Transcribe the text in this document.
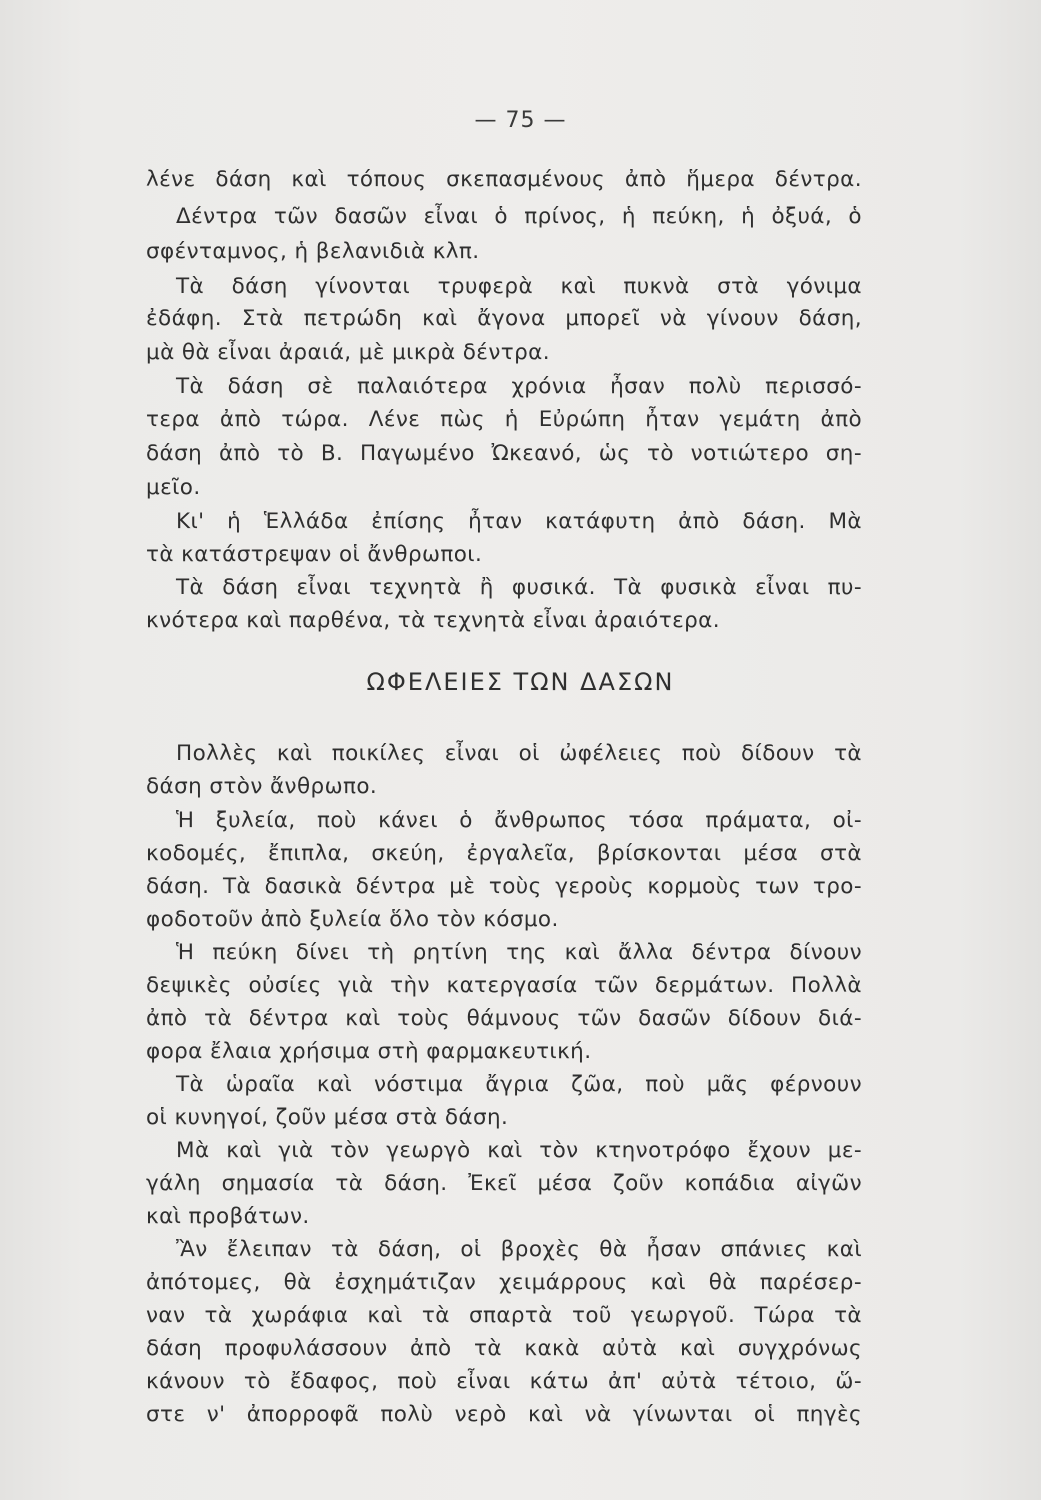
— 75 —
λένε δάση καὶ τόπους σκεπασμένους ἀπὸ ἥμερα δέντρα.
Δέντρα τῶν δασῶν εἶναι ὁ πρίνος, ἡ πεύκη, ἡ ὀξυά, ὁ
σφένταμνος, ἡ βελανιδιὰ κλπ.
Τὰ δάση γίνονται τρυφερὰ καὶ πυκνὰ στὰ γόνιμα
ἐδάφη. Στὰ πετρώδη καὶ ἄγονα μπορεῖ νὰ γίνουν δάση,
μὰ θὰ εἶναι ἀραιά, μὲ μικρὰ δέντρα.
Τὰ δάση σὲ παλαιότερα χρόνια ἦσαν πολὺ περισσό-
τερα ἀπὸ τώρα. Λένε πὼς ἡ Εὐρώπη ἦταν γεμάτη ἀπὸ
δάση ἀπὸ τὸ Β. Παγωμένο Ὠκεανό, ὡς τὸ νοτιώτερο ση-
μεῖο.
Κι' ἡ Ἑλλάδα ἐπίσης ἦταν κατάφυτη ἀπὸ δάση. Μὰ
τὰ κατάστρεψαν οἱ ἄνθρωποι.
Τὰ δάση εἶναι τεχνητὰ ἢ φυσικά. Τὰ φυσικὰ εἶναι πυ-
κνότερα καὶ παρθένα, τὰ τεχνητὰ εἶναι ἀραιότερα.
ΩΦΕΛΕΙΕΣ ΤΩΝ ΔΑΣΩΝ
Πολλὲς καὶ ποικίλες εἶναι οἱ ὠφέλειες ποὺ δίδουν τὰ
δάση στὸν ἄνθρωπο.
Ἡ ξυλεία, ποὺ κάνει ὁ ἄνθρωπος τόσα πράματα, οἰ-
κοδομές, ἔπιπλα, σκεύη, ἐργαλεῖα, βρίσκονται μέσα στὰ
δάση. Τὰ δασικὰ δέντρα μὲ τοὺς γεροὺς κορμοὺς των τρο-
φοδοτοῦν ἀπὸ ξυλεία ὅλο τὸν κόσμο.
Ἡ πεύκη δίνει τὴ ρητίνη της καὶ ἄλλα δέντρα δίνουν
δεψικὲς οὐσίες γιὰ τὴν κατεργασία τῶν δερμάτων. Πολλὰ
ἀπὸ τὰ δέντρα καὶ τοὺς θάμνους τῶν δασῶν δίδουν διά-
φορα ἔλαια χρήσιμα στὴ φαρμακευτική.
Τὰ ὡραῖα καὶ νόστιμα ἄγρια ζῶα, ποὺ μᾶς φέρνουν
οἱ κυνηγοί, ζοῦν μέσα στὰ δάση.
Μὰ καὶ γιὰ τὸν γεωργὸ καὶ τὸν κτηνοτρόφο ἔχουν με-
γάλη σημασία τὰ δάση. Ἐκεῖ μέσα ζοῦν κοπάδια αἰγῶν
καὶ προβάτων.
Ἂν ἔλειπαν τὰ δάση, οἱ βροχὲς θὰ ἦσαν σπάνιες καὶ
ἀπότομες, θὰ ἐσχημάτιζαν χειμάρρους καὶ θὰ παρέσερ-
ναν τὰ χωράφια καὶ τὰ σπαρτὰ τοῦ γεωργοῦ. Τώρα τὰ
δάση προφυλάσσουν ἀπὸ τὰ κακὰ αὐτὰ καὶ συγχρόνως
κάνουν τὸ ἔδαφος, ποὺ εἶναι κάτω ἀπ' αὐτὰ τέτοιο, ὥ-
στε ν' ἀπορροφᾶ πολὺ νερὸ καὶ νὰ γίνωνται οἱ πηγὲς
